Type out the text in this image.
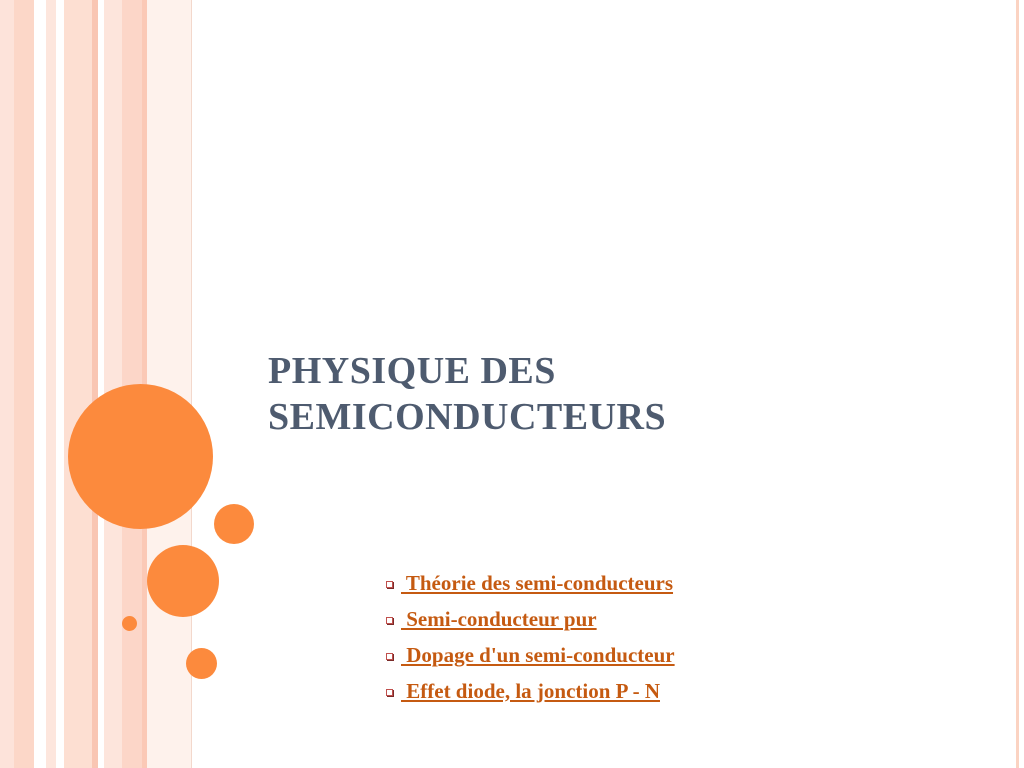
PHYSIQUE DES
SEMICONDUCTEURS
Théorie des semi-conducteurs
Semi-conducteur pur
Dopage d'un semi-conducteur
Effet diode, la jonction P - N
